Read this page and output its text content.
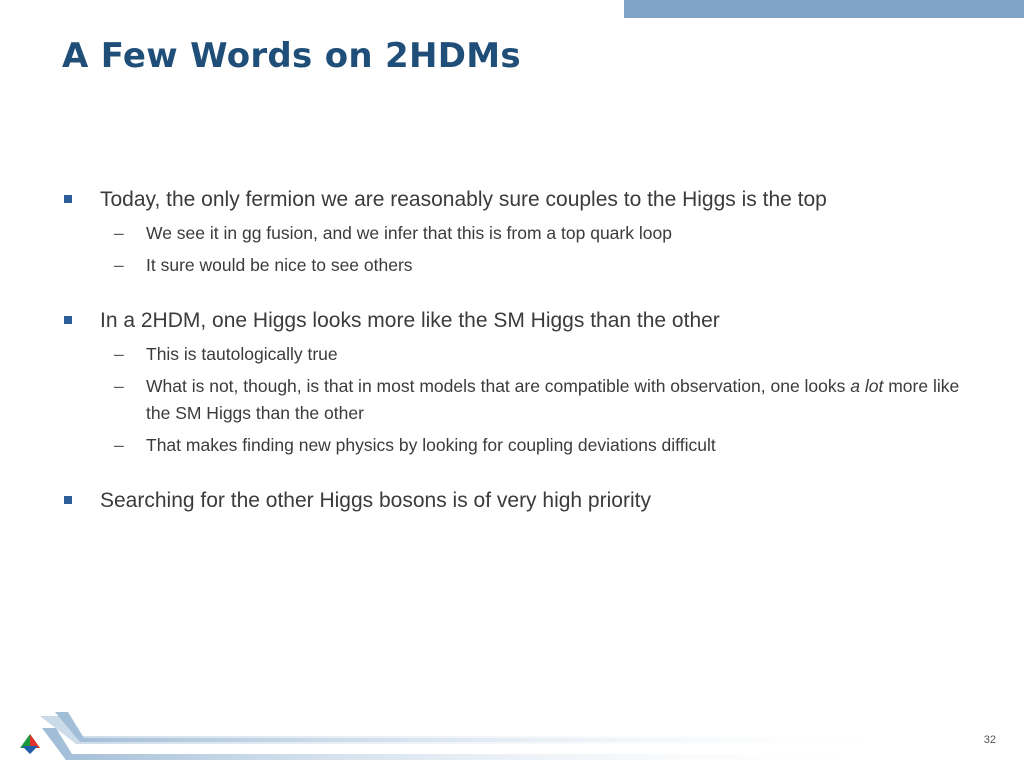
A Few Words on 2HDMs
Today, the only fermion we are reasonably sure couples to the Higgs is the top
– We see it in gg fusion, and we infer that this is from a top quark loop
– It sure would be nice to see others
In a 2HDM, one Higgs looks more like the SM Higgs than the other
– This is tautologically true
– What is not, though, is that in most models that are compatible with observation, one looks a lot more like the SM Higgs than the other
– That makes finding new physics by looking for coupling deviations difficult
Searching for the other Higgs bosons is of very high priority
32
